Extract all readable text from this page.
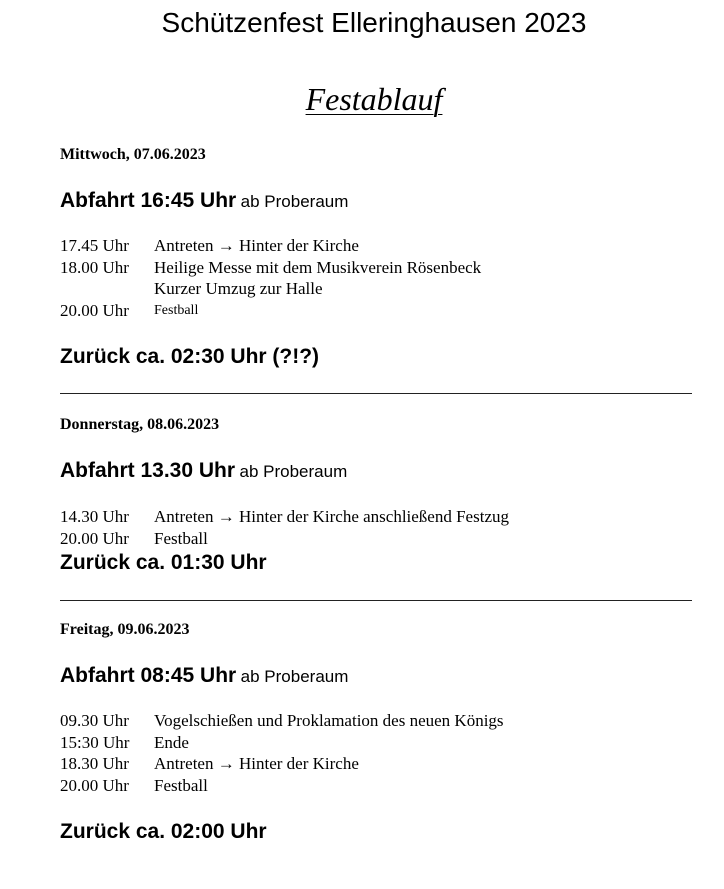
Schützenfest Elleringhausen 2023
Festablauf
Mittwoch, 07.06.2023
Abfahrt 16:45 Uhr ab Proberaum
17.45 Uhr Antreten → Hinter der Kirche
18.00 Uhr Heilige Messe mit dem Musikverein Rösenbeck
Kurzer Umzug zur Halle
20.00 Uhr Festball
Zurück ca. 02:30 Uhr (?!?)
Donnerstag, 08.06.2023
Abfahrt 13.30 Uhr ab Proberaum
14.30 Uhr Antreten → Hinter der Kirche anschließend Festzug
20.00 Uhr Festball
Zurück ca. 01:30 Uhr
Freitag, 09.06.2023
Abfahrt 08:45 Uhr ab Proberaum
09.30 Uhr Vogelschießen und Proklamation des neuen Königs
15:30 Uhr Ende
18.30 Uhr Antreten → Hinter der Kirche
20.00 Uhr Festball
Zurück ca. 02:00 Uhr
